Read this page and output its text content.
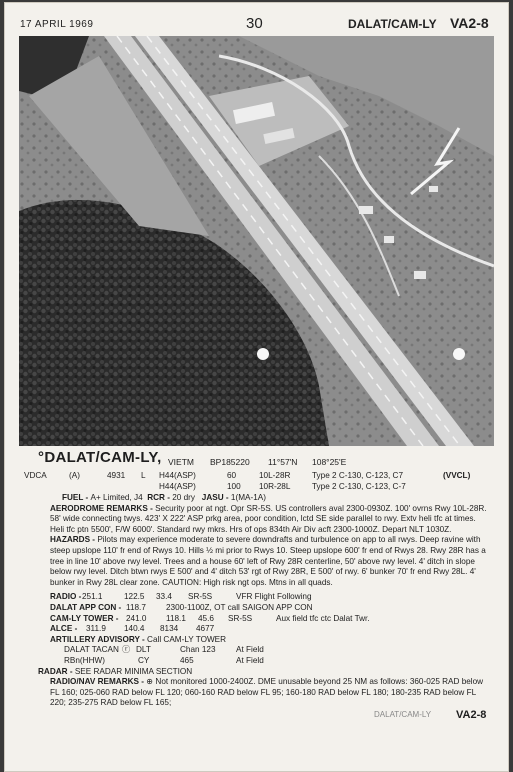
17 APRIL 1969	30	DALAT/CAM-LY VA2-8
°DALAT/CAM-LY, VIETM BP185220 11°57'N 108°25'E
VDCA	(A)	4931 L H44(ASP)	60	10L-28R	Type 2 C-130, C-123, C7	(VVCL)
H44(ASP)	100 10R-28L	Type 2 C-130, C-123, C-7

FUEL - A+ Limited, J4 RCR - 20 dry JASU - 1(MA-1A)

AERODROME REMARKS - Security poor at ngt. Opr SR-5S. US controllers aval 2300-0930Z. 100' ovrns Rwy 10L-28R. 58' wide connecting twys. 423' X 222' ASP prkg area, poor condition, lctd SE side parallel to rwy. Extv heli tfc at times. Heli tfc ptn 5500', F/W 6000'. Standard rwy mkrs. Hrs of ops 834th Air Div acft 2300-1000Z. Depart NLT 1030Z.

HAZARDS - Pilots may experience moderate to severe downdrafts and turbulence on app to all rwys. Deep ravine with steep upslope 110' fr end of Rwys 10. Hills ½ mi prior to Rwys 10. Steep upslope 600' fr end of Rwys 28. Rwy 28R has a tree in line 10' above rwy level. Trees and a house 60' left of Rwy 28R centerline, 50' above rwy level. 4' ditch in slope below rwy level. Ditch btwn rwys E 500' and 4' ditch 53' rgt of Rwy 28R, E 500' of rwy. 6' bunker 70' fr end Rwy 28L. 4' bunker in Rwy 28L clear zone. CAUTION: High risk ngt ops. Mtns in all quads.

RADIO - 251.1	122.5 33.4 SR-5S	VFR Flight Following
DALAT APP CON - 118.7 2300-1100Z, OT call SAIGON APP CON
CAM-LY TOWER - 241.0 118.1 45.6 SR-5S	Aux field tfc ctc Dalat Twr.
ALCE - 311.9 140.4 8134 4677

ARTILLERY ADVISORY - Call CAM-LY TOWER

DALAT TACAN ⓡ DLT	Chan 123 At Field
RBn(HHW)	CY	465	At Field

RADAR - SEE RADAR MINIMA SECTION

RADIO/NAV REMARKS - ⊕ Not monitored 1000-2400Z. DME unusable beyond 25 NM as follows: 360-025 RAD below FL 160; 025-060 RAD below FL 120; 060-160 RAD below FL 95; 160-180 RAD below FL 180; 180-235 RAD below FL 220; 235-275 RAD below FL 165;

DALAT/CAM-LY VA2-8
